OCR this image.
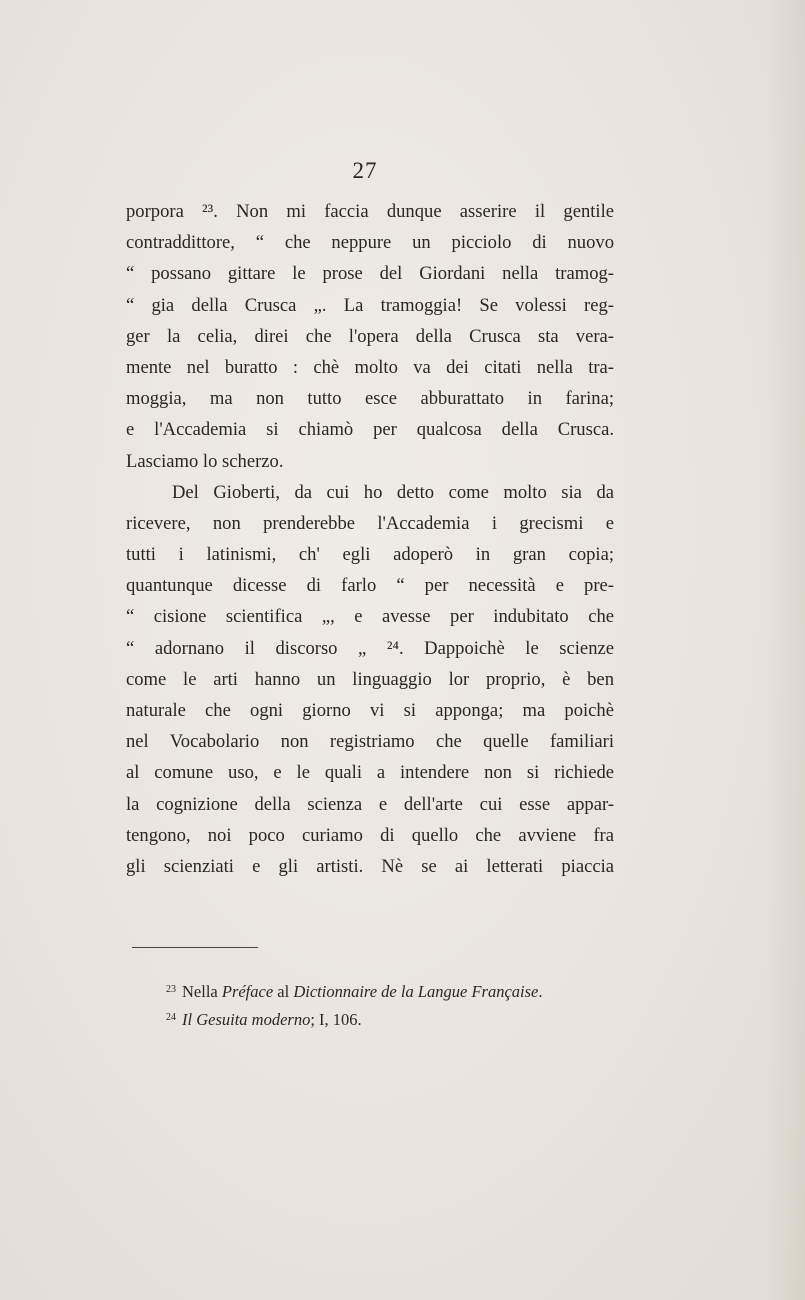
27
porpora ²³. Non mi faccia dunque asserire il gentile
contraddittore, “ che neppure un picciolo di nuovo
“ possano gittare le prose del Giordani nella tramog-
“ gia della Crusca „. La tramoggia! Se volessi reg-
ger la celia, direi che l'opera della Crusca sta vera-
mente nel buratto : chè molto va dei citati nella tra-
moggia, ma non tutto esce abburattato in farina;
e l'Accademia si chiamò per qualcosa della Crusca.
Lasciamo lo scherzo.
Del Gioberti, da cui ho detto come molto sia da
ricevere, non prenderebbe l'Accademia i grecismi e
tutti i latinismi, ch' egli adoperò in gran copia;
quantunque dicesse di farlo “ per necessità e pre-
“ cisione scientifica „, e avesse per indubitato che
“ adornano il discorso „ ²⁴. Dappoichè le scienze
come le arti hanno un linguaggio lor proprio, è ben
naturale che ogni giorno vi si apponga; ma poichè
nel Vocabolario non registriamo che quelle familiari
al comune uso, e le quali a intendere non si richiede
la cognizione della scienza e dell'arte cui esse appar-
tengono, noi poco curiamo di quello che avviene fra
gli scienziati e gli artisti. Nè se ai letterati piaccia
$^{23}$ Nella Préface al Dictionnaire de la Langue Française.
$^{24}$ Il Gesuita moderno; I, 106.
